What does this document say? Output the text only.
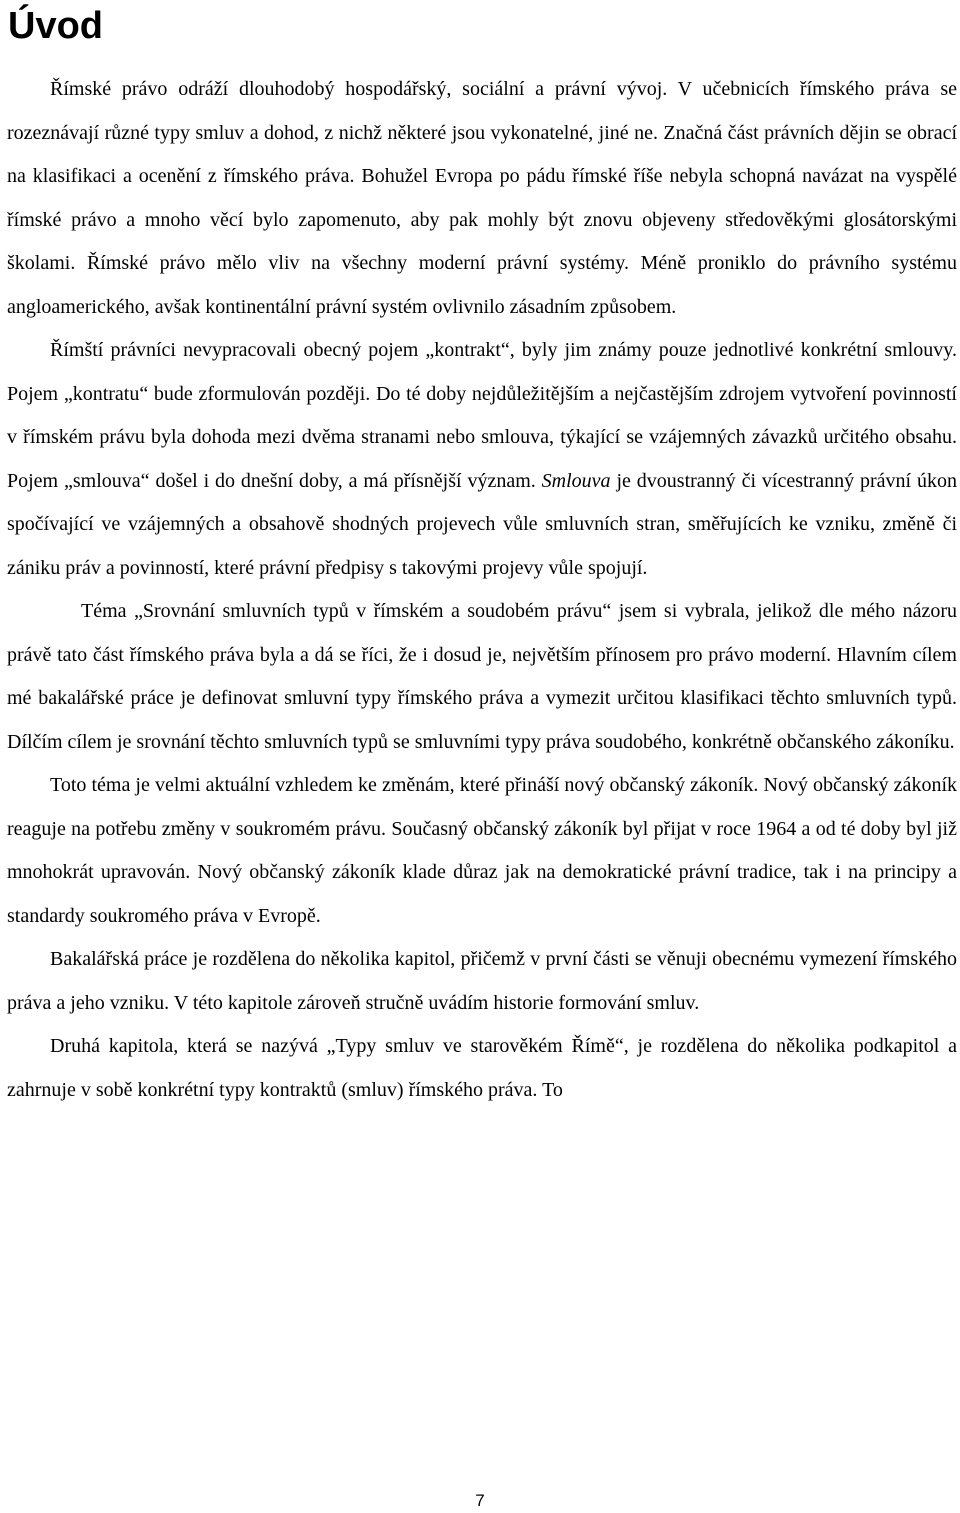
Úvod

Římské právo odráží dlouhodobý hospodářský, sociální a právní vývoj. V učebnicích římského práva se rozeznávají různé typy smluv a dohod, z nichž některé jsou vykonatelné, jiné ne. Značná část právních dějin se obrací na klasifikaci a ocenění z římského práva. Bohužel Evropa po pádu římské říše nebyla schopná navázat na vyspělé římské právo a mnoho věcí bylo zapomenuto, aby pak mohly být znovu objeveny středověkými glosátorskými školami. Římské právo mělo vliv na všechny moderní právní systémy. Méně proniklo do právního systému angloamerického, avšak kontinentální právní systém ovlivnilo zásadním způsobem.

Římští právníci nevypracovali obecný pojem „kontrakt“, byly jim známy pouze jednotlivé konkrétní smlouvy. Pojem „kontratu“ bude zformulován později. Do té doby nejdůležitějším a nejčastějším zdrojem vytvoření povinností v římském právu byla dohoda mezi dvěma stranami nebo smlouva, týkající se vzájemných závazků určitého obsahu. Pojem „smlouva“ došel i do dnešní doby, a má přísnější význam. Smlouva je dvoustranný či vícestranný právní úkon spočívající ve vzájemných a obsahově shodných projevech vůle smluvních stran, směřujících ke vzniku, změně či zániku práv a povinností, které právní předpisy s takovými projevy vůle spojují.

Téma „Srovnání smluvních typů v římském a soudobém právu“ jsem si vybrala, jelikož dle mého názoru právě tato část římského práva byla a dá se říci, že i dosud je, největším přínosem pro právo moderní. Hlavním cílem mé bakalářské práce je definovat smluvní typy římského práva a vymezit určitou klasifikaci těchto smluvních typů. Dílčím cílem je srovnání těchto smluvních typů se smluvními typy práva soudobého, konkrétně občanského zákoníku.

Toto téma je velmi aktuální vzhledem ke změnám, které přináší nový občanský zákoník. Nový občanský zákoník reaguje na potřebu změny v soukromém právu. Současný občanský zákoník byl přijat v roce 1964 a od té doby byl již mnohokrát upravován. Nový občanský zákoník klade důraz jak na demokratické právní tradice, tak i na principy a standardy soukromého práva v Evropě.

Bakalářská práce je rozdělena do několika kapitol, přičemž v první části se věnuji obecnému vymezení římského práva a jeho vzniku. V této kapitole zároveň stručně uvádím historie formování smluv.

Druhá kapitola, která se nazývá „Typy smluv ve starověkém Římě“, je rozdělena do několika podkapitol a zahrnuje v sobě konkrétní typy kontraktů (smluv) římského práva. To

7
